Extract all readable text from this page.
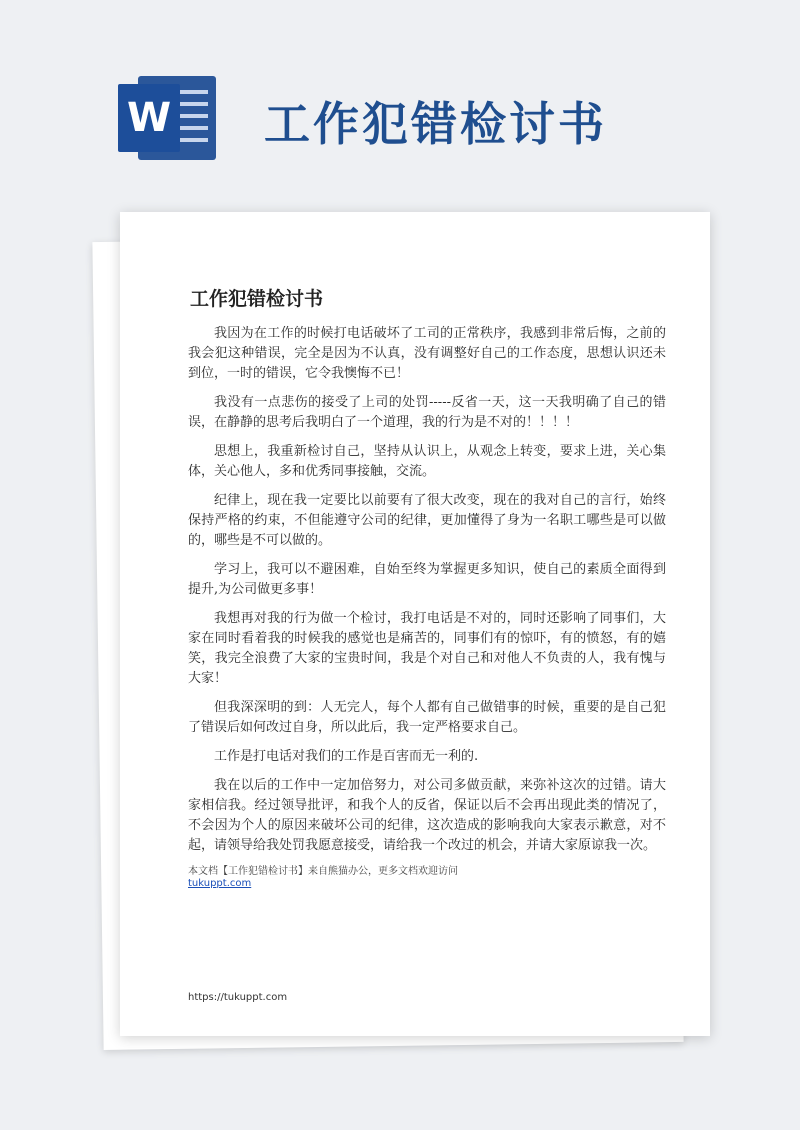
W 工作犯错检讨书
工作犯错检讨书

我因为在工作的时候打电话破坏了工司的正常秩序，我感到非常后悔，之前的我会犯这种错误，完全是因为不认真，没有调整好自己的工作态度，思想认识还未到位，一时的错误，它令我懊悔不已！

我没有一点悲伤的接受了上司的处罚-----反省一天，这一天我明确了自己的错误，在静静的思考后我明白了一个道理，我的行为是不对的！！！！

思想上，我重新检讨自己，坚持从认识上，从观念上转变，要求上进，关心集体，关心他人，多和优秀同事接触，交流。

纪律上，现在我一定要比以前要有了很大改变，现在的我对自己的言行，始终保持严格的约束，不但能遵守公司的纪律，更加懂得了身为一名职工哪些是可以做的，哪些是不可以做的。

学习上，我可以不避困难，自始至终为掌握更多知识，使自己的素质全面得到提升,为公司做更多事！

我想再对我的行为做一个检讨，我打电话是不对的，同时还影响了同事们，大家在同时看着我的时候我的感觉也是痛苦的，同事们有的惊吓，有的愤怒，有的嬉笑，我完全浪费了大家的宝贵时间，我是个对自己和对他人不负责的人，我有愧与大家！

但我深深明的到：人无完人，每个人都有自己做错事的时候，重要的是自己犯了错误后如何改过自身，所以此后，我一定严格要求自己。

工作是打电话对我们的工作是百害而无一利的.

我在以后的工作中一定加倍努力，对公司多做贡献，来弥补这次的过错。请大家相信我。经过领导批评，和我个人的反省，保证以后不会再出现此类的情况了，不会因为个人的原因来破坏公司的纪律，这次造成的影响我向大家表示歉意，对不起，请领导给我处罚我愿意接受，请给我一个改过的机会，并请大家原谅我一次。

本文档【工作犯错检讨书】来自熊猫办公，更多文档欢迎访问
tukuppt.com
https://tukuppt.com
